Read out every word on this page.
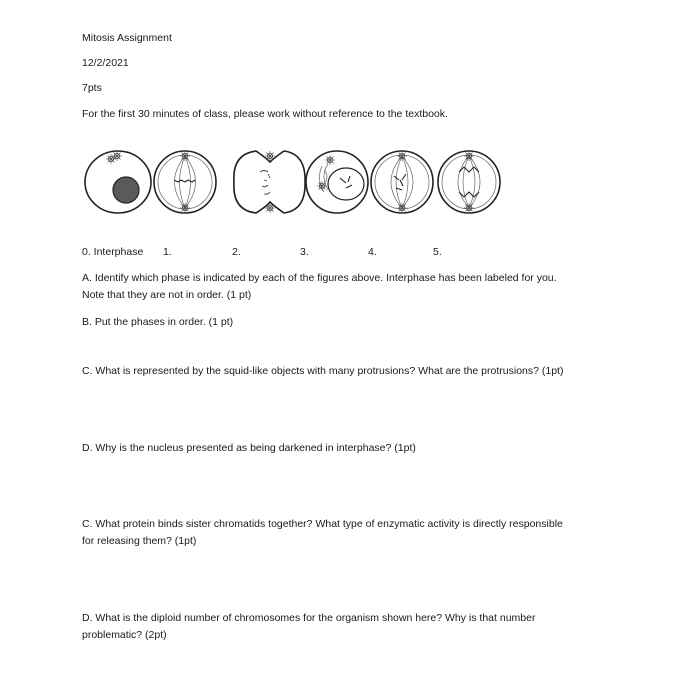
Mitosis Assignment
12/2/2021
7pts
For the first 30 minutes of class, please work without reference to the textbook.
0. Interphase 1.	2.	3.	4.	5.
A. Identify which phase is indicated by each of the figures above. Interphase has been labeled for you.
Note that they are not in order. (1 pt)
B. Put the phases in order. (1 pt)
C. What is represented by the squid-like objects with many protrusions? What are the protrusions? (1pt)
D. Why is the nucleus presented as being darkened in interphase? (1pt)
C. What protein binds sister chromatids together? What type of enzymatic activity is directly responsible
for releasing them? (1pt)
D. What is the diploid number of chromosomes for the organism shown here? Why is that number
problematic? (2pt)
